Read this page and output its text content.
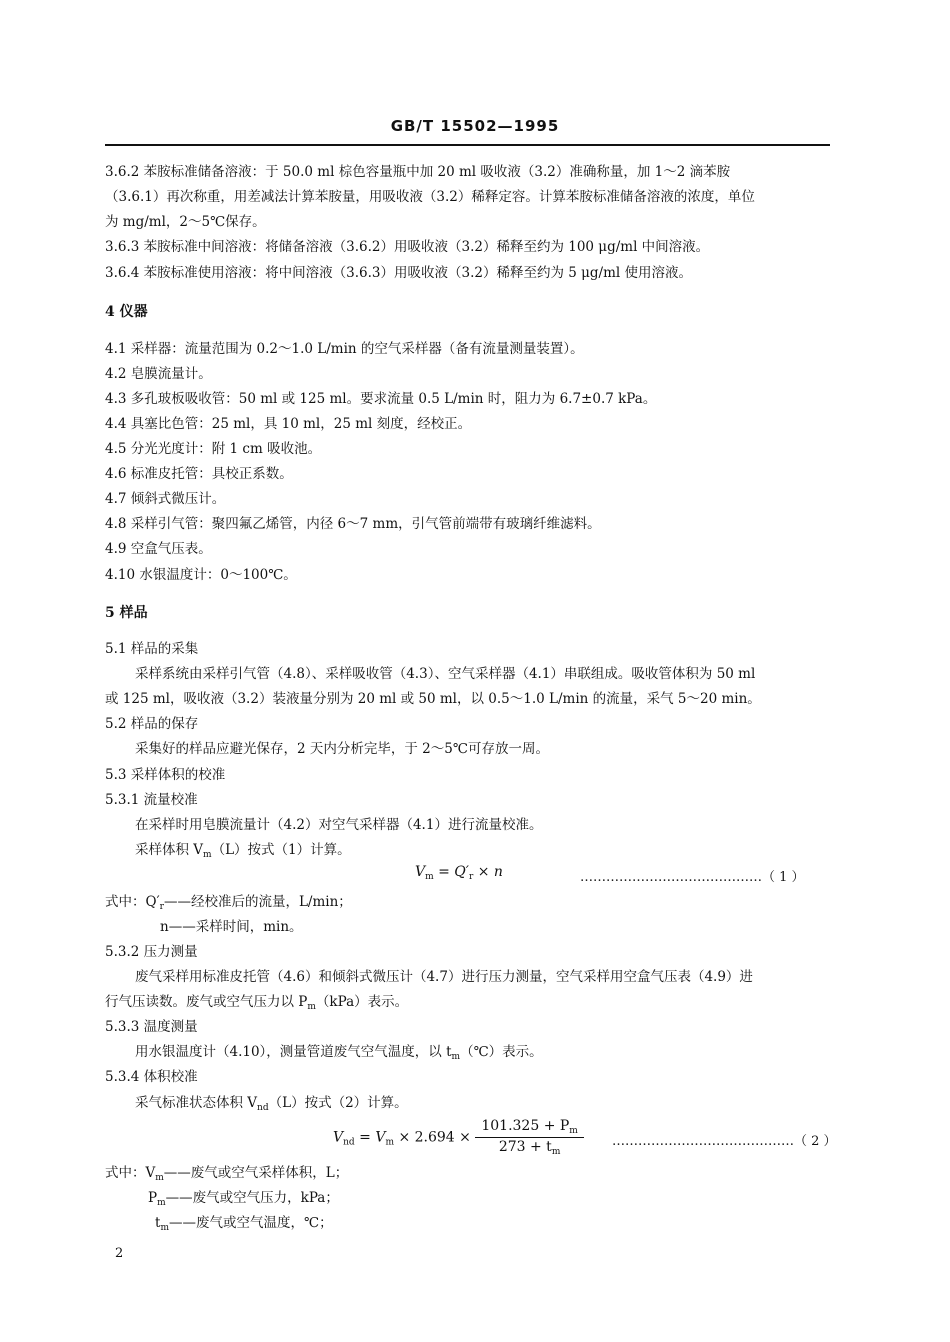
GB/T 15502—1995
3.6.2 苯胺标准储备溶液：于 50.0 ml 棕色容量瓶中加 20 ml 吸收液（3.2）准确称量，加 1～2 滴苯胺
（3.6.1）再次称重，用差减法计算苯胺量，用吸收液（3.2）稀释定容。计算苯胺标准储备溶液的浓度，单位
为 mg/ml，2～5℃保存。
3.6.3 苯胺标准中间溶液：将储备溶液（3.6.2）用吸收液（3.2）稀释至约为 100 μg/ml 中间溶液。
3.6.4 苯胺标准使用溶液：将中间溶液（3.6.3）用吸收液（3.2）稀释至约为 5 μg/ml 使用溶液。
4 仪器
4.1 采样器：流量范围为 0.2～1.0 L/min 的空气采样器（备有流量测量装置）。
4.2 皂膜流量计。
4.3 多孔玻板吸收管：50 ml 或 125 ml。要求流量 0.5 L/min 时，阻力为 6.7±0.7 kPa。
4.4 具塞比色管：25 ml，具 10 ml，25 ml 刻度，经校正。
4.5 分光光度计：附 1 cm 吸收池。
4.6 标准皮托管：具校正系数。
4.7 倾斜式微压计。
4.8 采样引气管：聚四氟乙烯管，内径 6～7 mm，引气管前端带有玻璃纤维滤料。
4.9 空盒气压表。
4.10 水银温度计：0～100℃。
5 样品
5.1 样品的采集
采样系统由采样引气管（4.8）、采样吸收管（4.3）、空气采样器（4.1）串联组成。吸收管体积为 50 ml
或 125 ml，吸收液（3.2）装液量分别为 20 ml 或 50 ml，以 0.5～1.0 L/min 的流量，采气 5～20 min。
5.2 样品的保存
采集好的样品应避光保存，2 天内分析完毕，于 2～5℃可存放一周。
5.3 采样体积的校准
5.3.1 流量校准
在采样时用皂膜流量计（4.2）对空气采样器（4.1）进行流量校准。
采样体积 $V_m(L)$按式（1）计算。
$V_m = Q'_r \times n$	……………………………………（ 1 ）
式中：$Q'_r——$经校准后的流量，L/min；
n——采样时间，min。
5.3.2 压力测量
废气采样用标准皮托管（4.6）和倾斜式微压计（4.7）进行压力测量，空气采样用空盒气压表（4.9）进
行气压读数。废气或空气压力以 $P_m(kPa)$表示。
5.3.3 温度测量
用水银温度计（4.10），测量管道废气空气温度，以 $t_m(℃)$表示。
5.3.4 体积校准
采气标准状态体积 $V_{nd}(L)$按式（2）计算。
$V_{nd} = V_m \times 2.694 \times \frac{101.325 + P_m}{273 + t_m}$ ……………………………………（ 2 ）
式中：$V_m——$废气或空气采样体积，L；
$P_m——$废气或空气压力，kPa；
$t_m——$废气或空气温度，℃；
2
